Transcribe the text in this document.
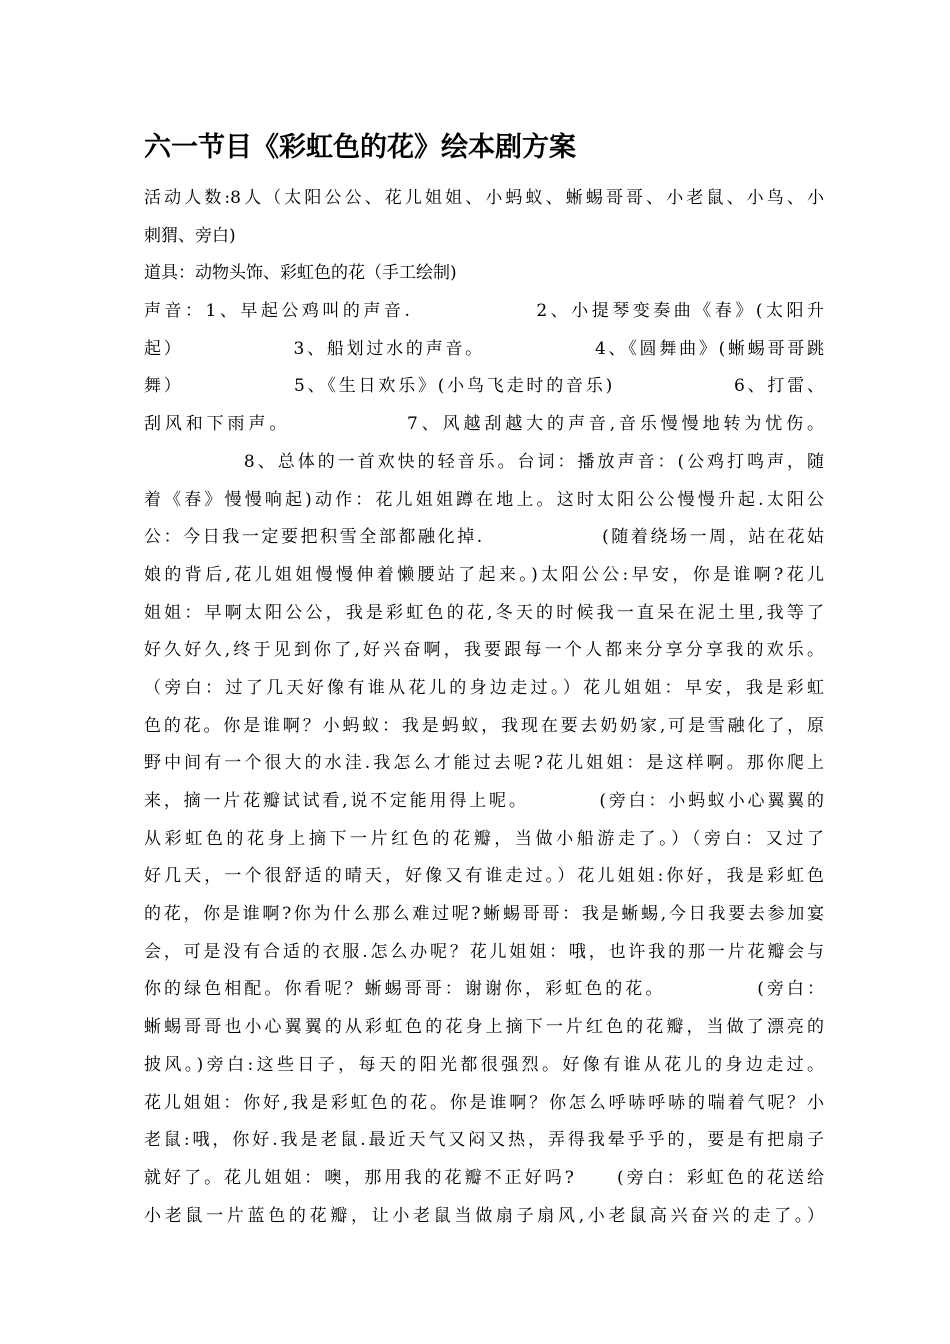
六一节目《彩虹色的花》绘本剧方案
活动人数:8人（太阳公公、花儿姐姐、小蚂蚁、蜥蜴哥哥、小老鼠、小鸟、小
刺猬、旁白)
道具：动物头饰、彩虹色的花（手工绘制)
声音：1、早起公鸡叫的声音.　　　　　　2、小提琴变奏曲《春》(太阳升
起）　　　　　　3、船划过水的声音。　　　　　　4、《圆舞曲》(蜥蜴哥哥跳
舞）　　　　　　5、《生日欢乐》(小鸟飞走时的音乐)　　　　　　6、打雷、
刮风和下雨声。　　　　　　7、风越刮越大的声音,音乐慢慢地转为忧伤。
　　　　　8、总体的一首欢快的轻音乐。台词：播放声音：(公鸡打鸣声，随
着《春》慢慢响起)动作：花儿姐姐蹲在地上。这时太阳公公慢慢升起.太阳公
公：今日我一定要把积雪全部都融化掉.　　　　　　(随着绕场一周，站在花姑
娘的背后,花儿姐姐慢慢伸着懒腰站了起来。)太阳公公:早安，你是谁啊?花儿
姐姐：早啊太阳公公，我是彩虹色的花,冬天的时候我一直呆在泥土里,我等了
好久好久,终于见到你了,好兴奋啊，我要跟每一个人都来分享分享我的欢乐。
（旁白：过了几天好像有谁从花儿的身边走过。）花儿姐姐：早安，我是彩虹
色的花。你是谁啊？小蚂蚁：我是蚂蚁，我现在要去奶奶家,可是雪融化了，原
野中间有一个很大的水洼.我怎么才能过去呢?花儿姐姐：是这样啊。那你爬上
来，摘一片花瓣试试看,说不定能用得上呢。　　　　(旁白：小蚂蚁小心翼翼的
从彩虹色的花身上摘下一片红色的花瓣，当做小船游走了。）（旁白：又过了
好几天，一个很舒适的晴天，好像又有谁走过。）花儿姐姐:你好，我是彩虹色
的花，你是谁啊?你为什么那么难过呢?蜥蜴哥哥：我是蜥蜴,今日我要去参加宴
会，可是没有合适的衣服.怎么办呢？花儿姐姐：哦，也许我的那一片花瓣会与
你的绿色相配。你看呢？蜥蜴哥哥：谢谢你，彩虹色的花。　　　　　(旁白：
蜥蜴哥哥也小心翼翼的从彩虹色的花身上摘下一片红色的花瓣，当做了漂亮的
披风。)旁白:这些日子，每天的阳光都很强烈。好像有谁从花儿的身边走过。
花儿姐姐：你好,我是彩虹色的花。你是谁啊？你怎么呼哧呼哧的喘着气呢？小
老鼠:哦，你好.我是老鼠.最近天气又闷又热，弄得我晕乎乎的，要是有把扇子
就好了。花儿姐姐：噢，那用我的花瓣不正好吗?　　(旁白：彩虹色的花送给
小老鼠一片蓝色的花瓣，让小老鼠当做扇子扇风,小老鼠高兴奋兴的走了。）
